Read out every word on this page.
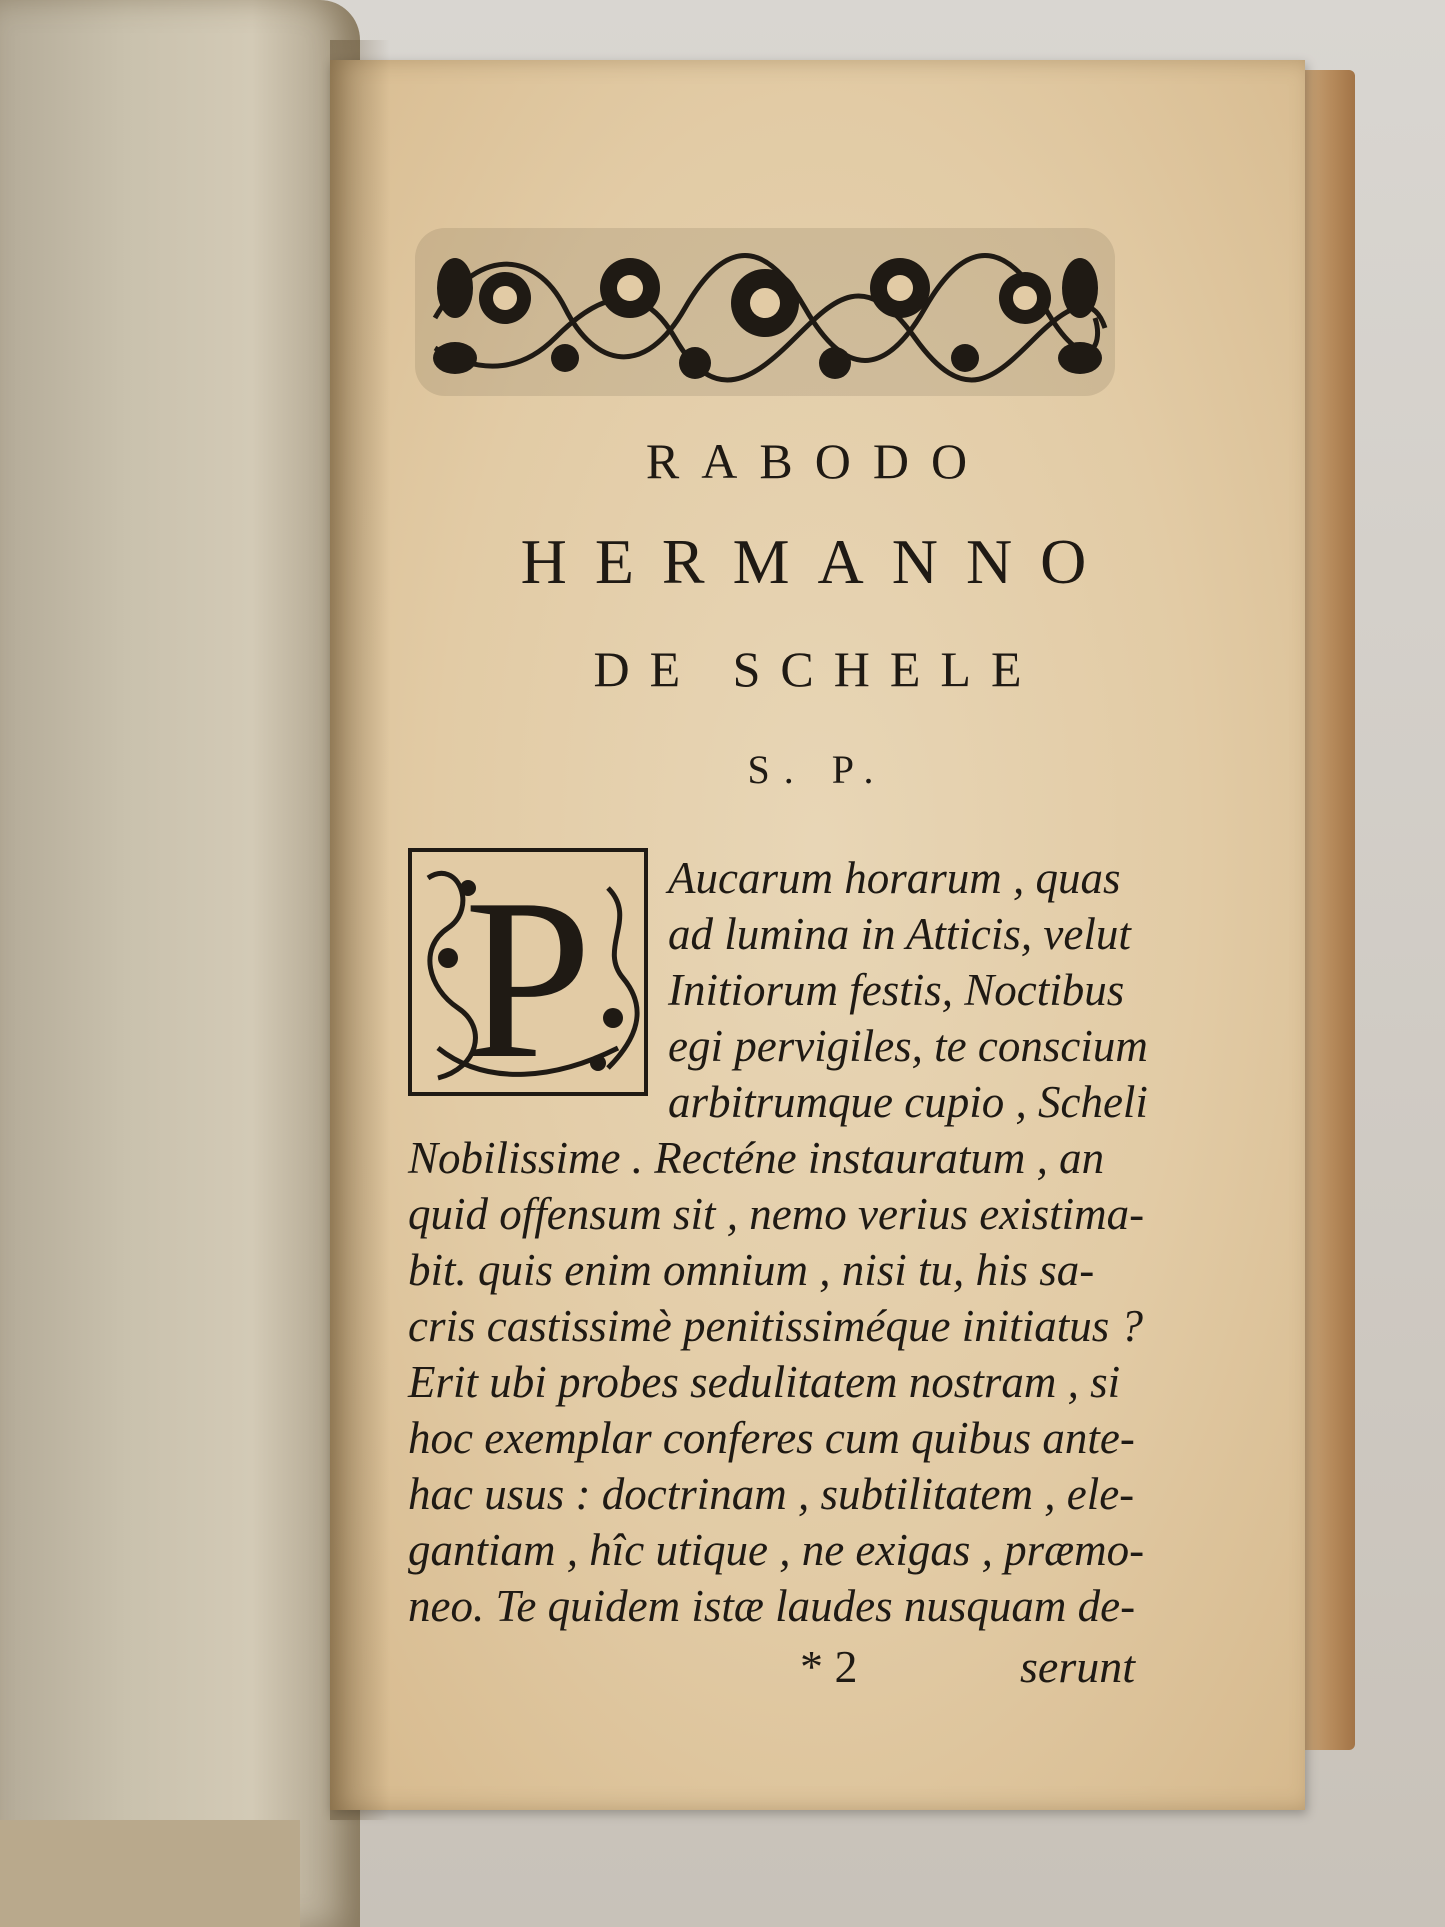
RABODO
HERMANNO
DE SCHELE
S. P.
P Aucarum horarum , quas
ad lumina in Atticis, velut
Initiorum festis, Noctibus
egi pervigiles, te conscium
arbitrumque cupio , Scheli
Nobilissime . Recténe instauratum , an
quid offensum sit , nemo verius existima-
bit. quis enim omnium , nisi tu, his sa-
cris castissimè penitissiméque initiatus ?
Erit ubi probes sedulitatem nostram , si
hoc exemplar conferes cum quibus ante-
hac usus : doctrinam , subtilitatem , ele-
gantiam , hîc utique , ne exigas , præmo-
neo. Te quidem istæ laudes nusquam de-
* 2	serunt
